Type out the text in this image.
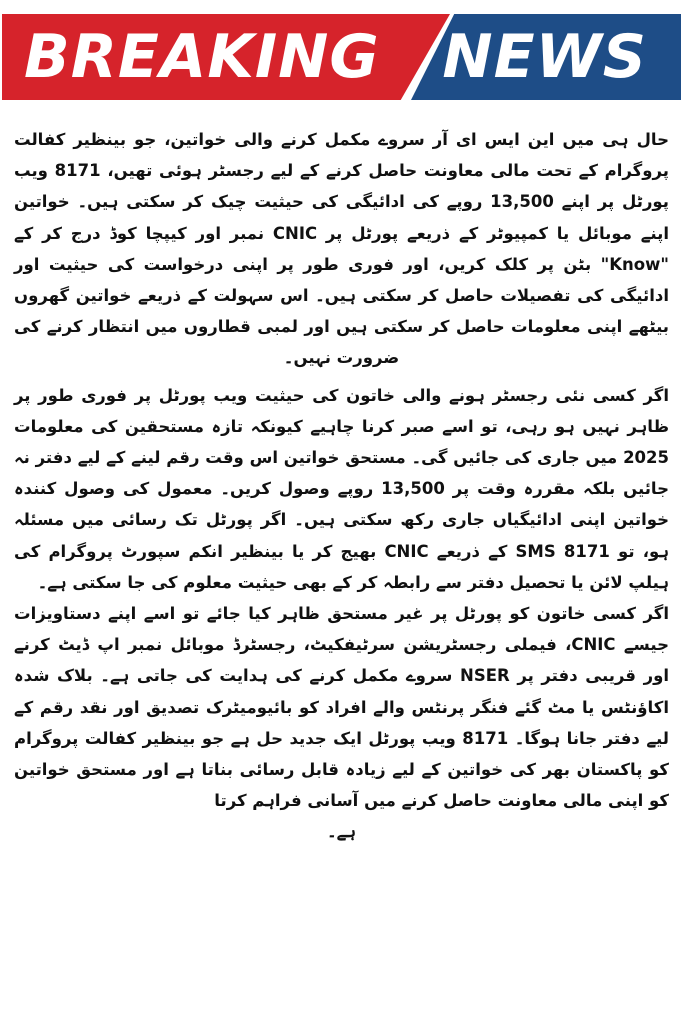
BREAKING NEWS

حال ہی میں این ایس ای آر سروے مکمل کرنے والی خواتین، جو بینظیر کفالت پروگرام کے تحت مالی معاونت حاصل کرنے کے لیے رجسٹر ہوئی تھیں، 8171 ویب پورٹل پر اپنے 13,500 روپے کی ادائیگی کی حیثیت چیک کر سکتی ہیں۔ خواتین اپنے موبائل یا کمپیوٹر کے ذریعے پورٹل پر CNIC نمبر اور کیپچا کوڈ درج کر کے "Know" بٹن پر کلک کریں، اور فوری طور پر اپنی درخواست کی حیثیت اور ادائیگی کی تفصیلات حاصل کر سکتی ہیں۔ اس سہولت کے ذریعے خواتین گھروں بیٹھے اپنی معلومات حاصل کر سکتی ہیں اور لمبی قطاروں میں انتظار کرنے کی ضرورت نہیں۔

اگر کسی نئی رجسٹر ہونے والی خاتون کی حیثیت ویب پورٹل پر فوری طور پر ظاہر نہیں ہو رہی، تو اسے صبر کرنا چاہیے کیونکہ تازہ مستحقین کی معلومات 2025 میں جاری کی جائیں گی۔ مستحق خواتین اس وقت رقم لینے کے لیے دفتر نہ جائیں بلکہ مقررہ وقت پر 13,500 روپے وصول کریں۔ معمول کی وصول کنندہ خواتین اپنی ادائیگیاں جاری رکھ سکتی ہیں۔ اگر پورٹل تک رسائی میں مسئلہ ہو، تو 8171 SMS کے ذریعے CNIC بھیج کر یا بینظیر انکم سپورٹ پروگرام کی ہیلپ لائن یا تحصیل دفتر سے رابطہ کر کے بھی حیثیت معلوم کی جا سکتی ہے۔

اگر کسی خاتون کو پورٹل پر غیر مستحق ظاہر کیا جائے تو اسے اپنے دستاویزات جیسے CNIC، فیملی رجسٹریشن سرٹیفکیٹ، رجسٹرڈ موبائل نمبر اپ ڈیٹ کرنے اور قریبی دفتر پر NSER سروے مکمل کرنے کی ہدایت کی جاتی ہے۔ بلاک شدہ اکاؤنٹس یا مٹ گئے فنگر پرنٹس والے افراد کو بائیومیٹرک تصدیق اور نقد رقم کے لیے دفتر جانا ہوگا۔ 8171 ویب پورٹل ایک جدید حل ہے جو بینظیر کفالت پروگرام کو پاکستان بھر کی خواتین کے لیے زیادہ قابل رسائی بناتا ہے اور مستحق خواتین کو اپنی مالی معاونت حاصل کرنے میں آسانی فراہم کرتا

ہے۔
